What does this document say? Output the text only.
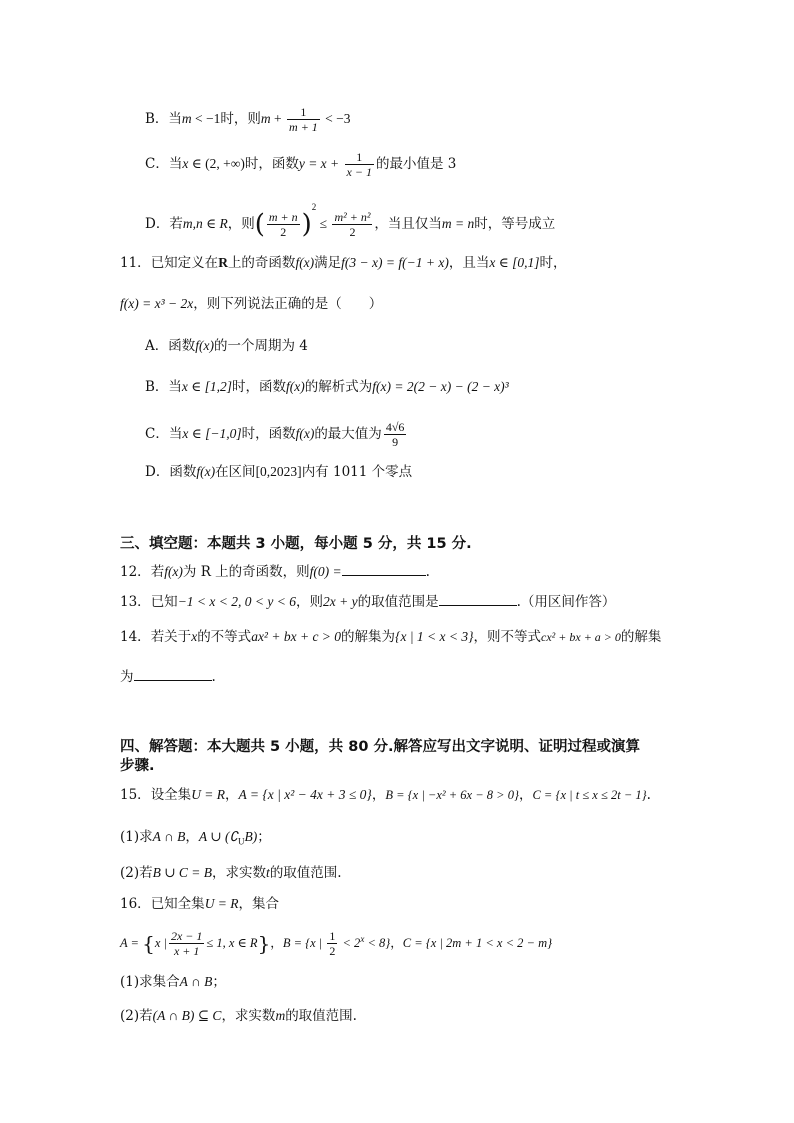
B．当m < −1时，则$m + \frac{1}{m + 1} < -3$
C．当x ∈ (2, +∞)时，函数$y = x + \frac{1}{x - 1}$ 的最小值是 3
D．若m,n ∈ R，则( $\frac{m + n}{2} )^2 \le \frac{\text{m² + n²}}{2}$ ，当且仅当m = n时，等号成立
11．已知定义在R上的奇函数f(x)满足f(3 − x) = f(−1 + x)，且当x ∈ [0,1]时，
f(x) = x³ − 2x，则下列说法正确的是（　　）
A．函数f(x)的一个周期为 4
B．当x ∈ [1,2]时，函数f(x)的解析式为f(x) = 2(2 − x) − (2 − x)³
C．当x ∈ [−1,0]时，函数f(x)的最大值为 $\frac{4√6}{9}$
D．函数f(x)在区间[0,2023]内有 1011 个零点
三、填空题：本题共 3 小题，每小题 5 分，共 15 分.
12．若f(x)为 R 上的奇函数，则f(0) =	.
13．已知−1 < x < 2, 0 < y < 6，则2x + y的取值范围是	.（用区间作答）
14．若关于x的不等式ax² + bx + c > 0的解集为{x | 1 < x < 3}，则不等式cx² + bx + a > 0的解集
为	.
四、解答题：本大题共 5 小题，共 80 分.解答应写出文字说明、证明过程或演算
步骤.
15．设全集U = R，A = {x | x² − 4x + 3 ≤ 0}，B = {x | −x² + 6x − 8 > 0}，C = {x | t ≤ x ≤ 2t − 1}.
(1)求A ∩ B，A ∪ $(∁_UB)$；
(2)若B ∪ C = B，求实数t的取值范围.
16．已知全集U = R，集合
A = {x | $\frac{2x - 1}{x + 1} \le 1$, x ∈ R}，B = {x | $\frac{1}{2} < 2^x < 8$}，C = {x | 2m + 1 < x < 2 − m}
(1)求集合A ∩ B；
(2)若(A ∩ B) ⊆ C，求实数m的取值范围.
